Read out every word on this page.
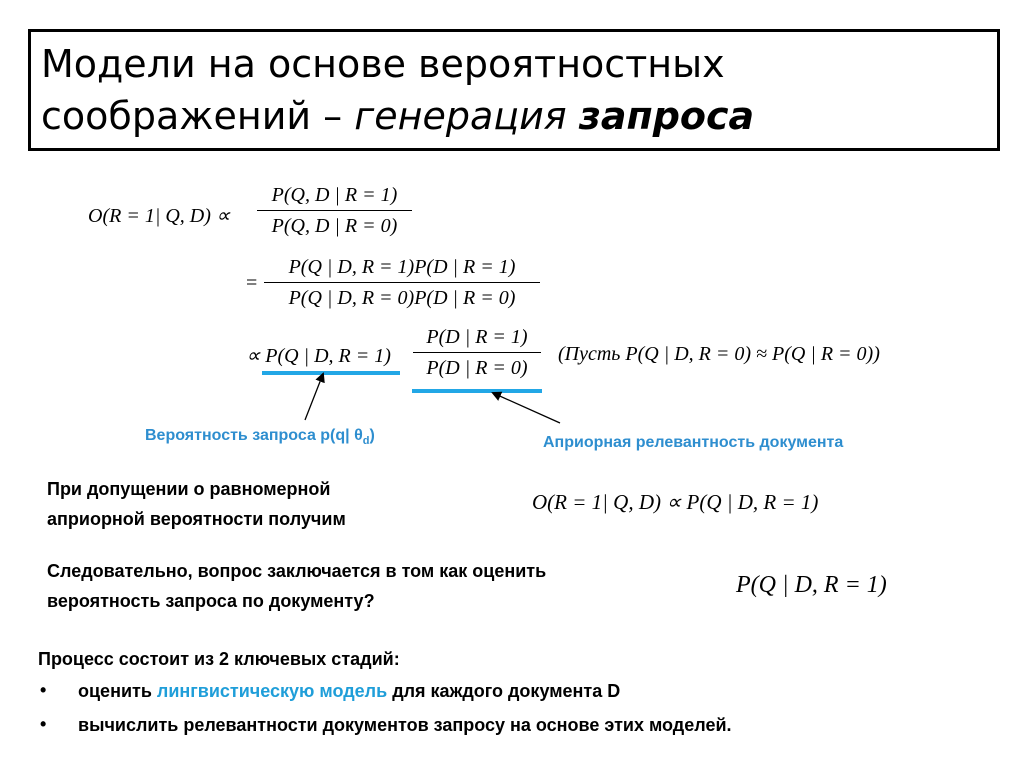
Модели на основе вероятностных
соображений – генерация запроса
O(R = 1| Q, $D) \propto \frac{P(Q, D | R = 1)}{P(Q, D | R = 0)}$
= $\frac{P(Q | D, R = 1)P(D | R = 1)}{P(Q | D, R = 0)P(D | R = 0)}$
∝ P(Q | D, $R = 1) \frac{P(D | R = 1)}{P(D | R = 0)}$ (Пусть P(Q | D, R = 0) ≈ P(Q | R = 0))
Вероятность запроса p(q| $\theta_d$)	Априорная релевантность документа
При допущении о равномерной
априорной вероятности получим
O(R = 1| Q, D) ∝ P(Q | D, R = 1)
Следовательно, вопрос заключается в том как оценить
вероятность запроса по документу?
P(Q | D, R = 1)
Процесс состоит из 2 ключевых стадий:
• оценить лингвистическую модель для каждого документа D
• вычислить релевантности документов запросу на основе этих моделей.
